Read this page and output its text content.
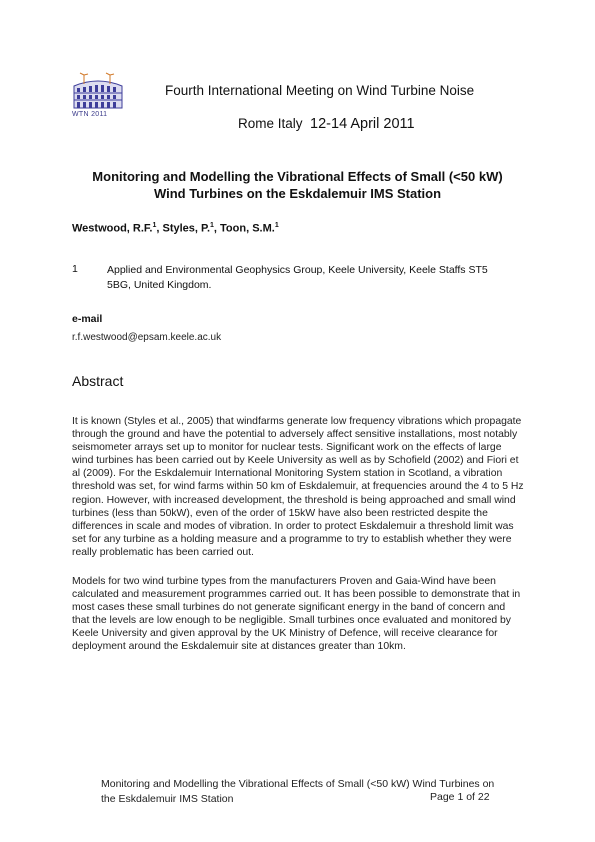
WTN 2011
Fourth International Meeting on Wind Turbine Noise
Rome Italy 12-14 April 2011
Monitoring and Modelling the Vibrational Effects of Small (<50 kW)
Wind Turbines on the Eskdalemuir IMS Station
Westwood, R.F.$^1$, Styles, P.$^1$, Toon, S.M.$^1$
1	Applied and Environmental Geophysics Group, Keele University, Keele Staffs ST5 5BG, United Kingdom.
e-mail
r.f.westwood@epsam.keele.ac.uk
Abstract

It is known (Styles et al., 2005) that windfarms generate low frequency vibrations which propagate through the ground and have the potential to adversely affect sensitive installations, most notably seismometer arrays set up to monitor for nuclear tests. Significant work on the effects of large wind turbines has been carried out by Keele University as well as by Schofield (2002) and Fiori et al (2009). For the Eskdalemuir International Monitoring System station in Scotland, a vibration threshold was set, for wind farms within 50 km of Eskdalemuir, at frequencies around the 4 to 5 Hz region. However, with increased development, the threshold is being approached and small wind turbines (less than 50kW), even of the order of 15kW have also been restricted despite the differences in scale and modes of vibration. In order to protect Eskdalemuir a threshold limit was set for any turbine as a holding measure and a programme to try to establish whether they were really problematic has been carried out.

Models for two wind turbine types from the manufacturers Proven and Gaia-Wind have been calculated and measurement programmes carried out. It has been possible to demonstrate that in most cases these small turbines do not generate significant energy in the band of concern and that the levels are low enough to be negligible. Small turbines once evaluated and monitored by Keele University and given approval by the UK Ministry of Defence, will receive clearance for deployment around the Eskdalemuir site at distances greater than 10km.

Monitoring and Modelling the Vibrational Effects of Small (<50 kW) Wind Turbines on the Eskdalemuir IMS Station	Page 1 of 22
